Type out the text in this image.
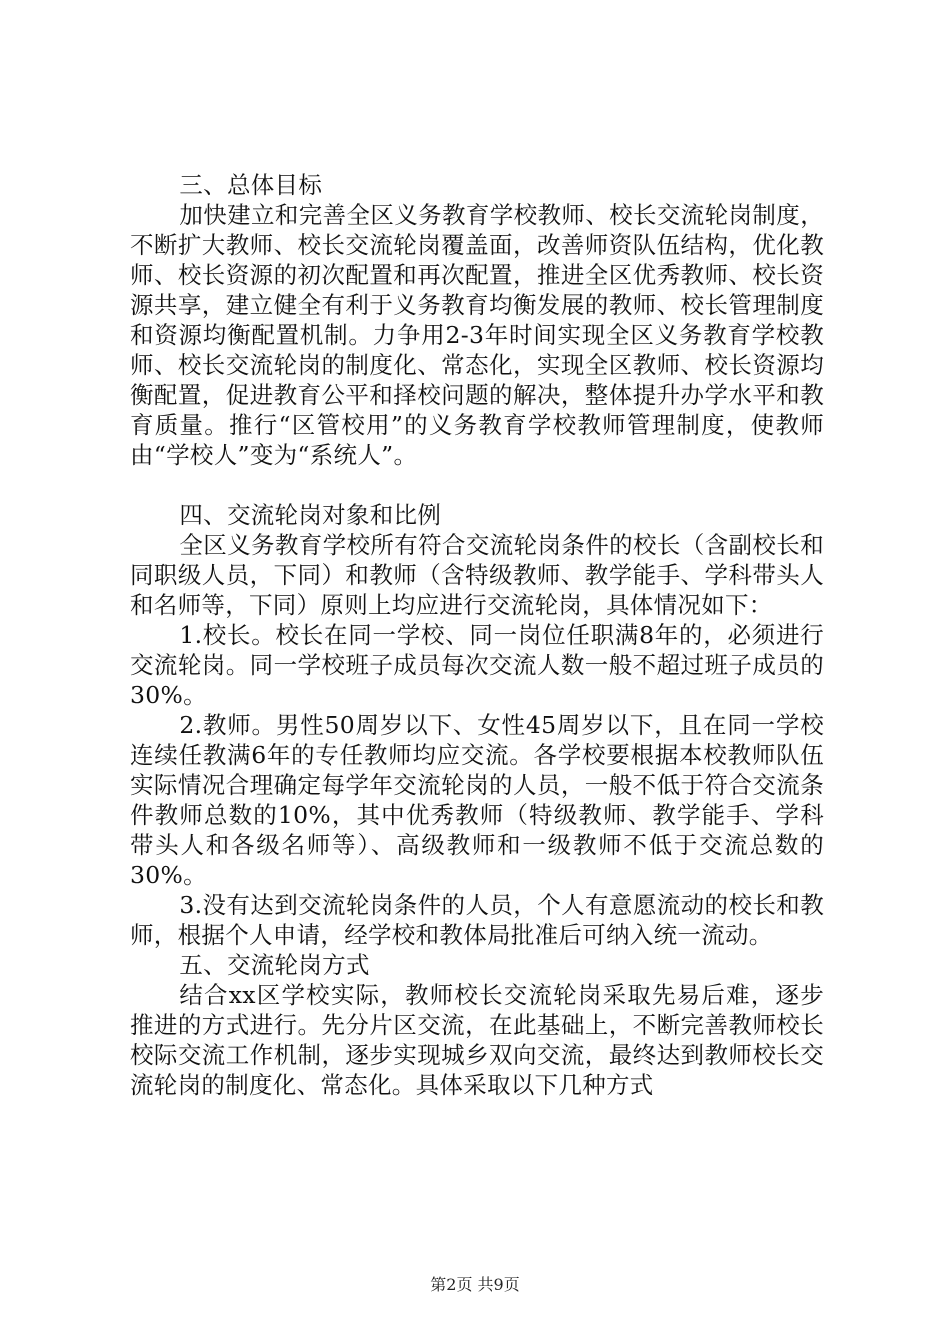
三、总体目标

加快建立和完善全区义务教育学校教师、校长交流轮岗制度，不断扩大教师、校长交流轮岗覆盖面，改善师资队伍结构，优化教师、校长资源的初次配置和再次配置，推进全区优秀教师、校长资源共享，建立健全有利于义务教育均衡发展的教师、校长管理制度和资源均衡配置机制。力争用2-3年时间实现全区义务教育学校教师、校长交流轮岗的制度化、常态化，实现全区教师、校长资源均衡配置，促进教育公平和择校问题的解决，整体提升办学水平和教育质量。推行“区管校用”的义务教育学校教师管理制度，使教师由“学校人”变为“系统人”。

四、交流轮岗对象和比例

全区义务教育学校所有符合交流轮岗条件的校长（含副校长和同职级人员，下同）和教师（含特级教师、教学能手、学科带头人和名师等，下同）原则上均应进行交流轮岗，具体情况如下：

1.校长。校长在同一学校、同一岗位任职满8年的，必须进行交流轮岗。同一学校班子成员每次交流人数一般不超过班子成员的30%。

2.教师。男性50周岁以下、女性45周岁以下，且在同一学校连续任教满6年的专任教师均应交流。各学校要根据本校教师队伍实际情况合理确定每学年交流轮岗的人员，一般不低于符合交流条件教师总数的10%，其中优秀教师（特级教师、教学能手、学科带头人和各级名师等）、高级教师和一级教师不低于交流总数的30%。

3.没有达到交流轮岗条件的人员，个人有意愿流动的校长和教师，根据个人申请，经学校和教体局批准后可纳入统一流动。

五、交流轮岗方式

结合xx区学校实际，教师校长交流轮岗采取先易后难，逐步推进的方式进行。先分片区交流，在此基础上，不断完善教师校长校际交流工作机制，逐步实现城乡双向交流，最终达到教师校长交流轮岗的制度化、常态化。具体采取以下几种方式

第2页 共9页
